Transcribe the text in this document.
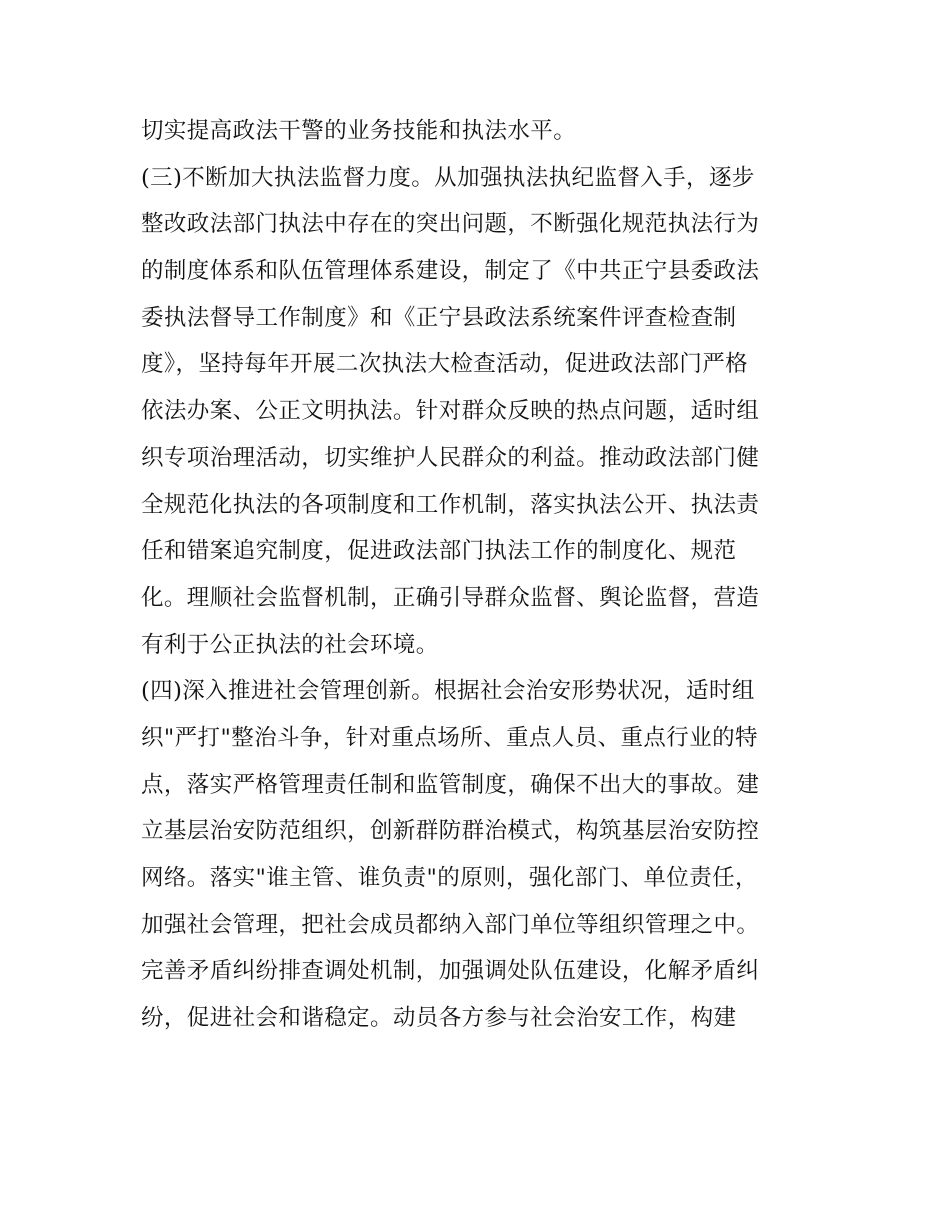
切实提高政法干警的业务技能和执法水平。
(三)不断加大执法监督力度。从加强执法执纪监督入手，逐步
整改政法部门执法中存在的突出问题，不断强化规范执法行为
的制度体系和队伍管理体系建设，制定了《中共正宁县委政法
委执法督导工作制度》和《正宁县政法系统案件评查检查制
度》，坚持每年开展二次执法大检查活动，促进政法部门严格
依法办案、公正文明执法。针对群众反映的热点问题，适时组
织专项治理活动，切实维护人民群众的利益。推动政法部门健
全规范化执法的各项制度和工作机制，落实执法公开、执法责
任和错案追究制度，促进政法部门执法工作的制度化、规范
化。理顺社会监督机制，正确引导群众监督、舆论监督，营造
有利于公正执法的社会环境。
(四)深入推进社会管理创新。根据社会治安形势状况，适时组
织"严打"整治斗争，针对重点场所、重点人员、重点行业的特
点，落实严格管理责任制和监管制度，确保不出大的事故。建
立基层治安防范组织，创新群防群治模式，构筑基层治安防控
网络。落实"谁主管、谁负责"的原则，强化部门、单位责任，
加强社会管理，把社会成员都纳入部门单位等组织管理之中。
完善矛盾纠纷排查调处机制，加强调处队伍建设，化解矛盾纠
纷，促进社会和谐稳定。动员各方参与社会治安工作，构建
